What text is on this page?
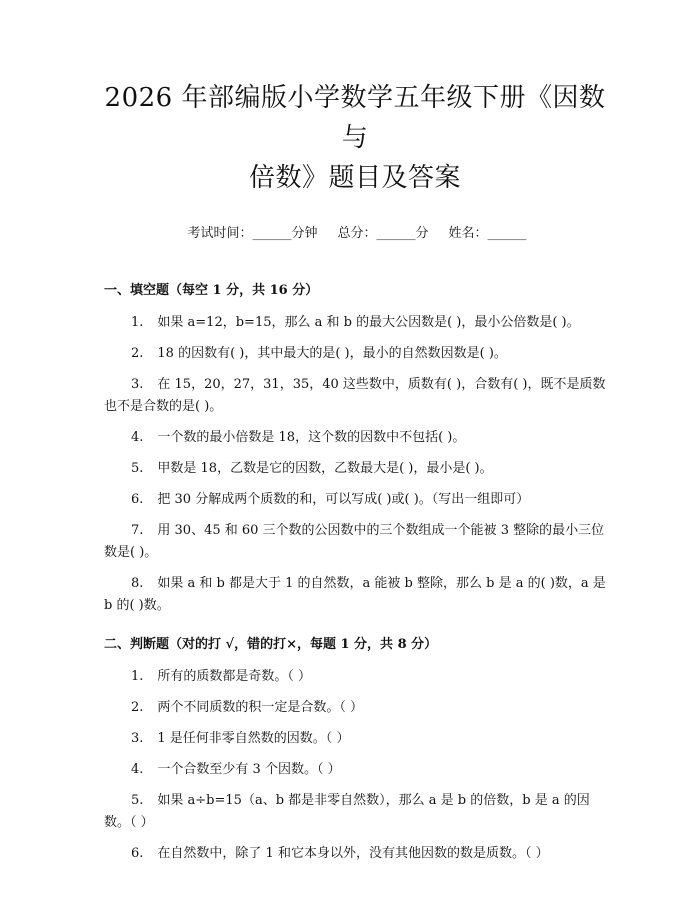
2026 年部编版小学数学五年级下册《因数与
倍数》题目及答案
考试时间：______分钟 总分：______分 姓名：______
一、填空题（每空 1 分，共 16 分）
1. 如果 a=12，b=15，那么 a 和 b 的最大公因数是( )，最小公倍数是( )。
2. 18 的因数有( )，其中最大的是( )，最小的自然数因数是( )。
3. 在 15，20，27，31，35，40 这些数中，质数有( )，合数有( )，既不是质数也不是合数的是( )。
4. 一个数的最小倍数是 18，这个数的因数中不包括( )。
5. 甲数是 18，乙数是它的因数，乙数最大是( )，最小是( )。
6. 把 30 分解成两个质数的和，可以写成( )或( )。（写出一组即可）
7. 用 30、45 和 60 三个数的公因数中的三个数组成一个能被 3 整除的最小三位数是( )。
8. 如果 a 和 b 都是大于 1 的自然数，a 能被 b 整除，那么 b 是 a 的( )数，a 是 b 的( )数。
二、判断题（对的打 √，错的打×，每题 1 分，共 8 分）
1. 所有的质数都是奇数。（ ）
2. 两个不同质数的积一定是合数。（ ）
3. 1 是任何非零自然数的因数。（ ）
4. 一个合数至少有 3 个因数。（ ）
5. 如果 a÷b=15（a、b 都是非零自然数），那么 a 是 b 的倍数，b 是 a 的因数。（ ）
6. 在自然数中，除了 1 和它本身以外，没有其他因数的数是质数。（ ）
